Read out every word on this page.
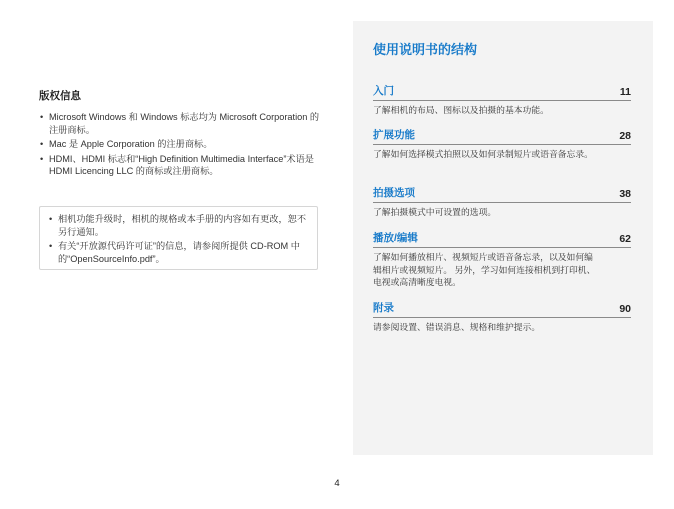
版权信息
• Microsoft Windows 和 Windows 标志均为 Microsoft Corporation 的注册商标。
• Mac 是 Apple Corporation 的注册商标。
• HDMI、HDMI 标志和“High Definition Multimedia Interface”术语是 HDMI Licencing LLC 的商标或注册商标。
• 相机功能升级时，相机的规格或本手册的内容如有更改，恕不另行通知。
• 有关“开放源代码许可证”的信息，请参阅所提供 CD-ROM 中的“OpenSourceInfo.pdf”。
使用说明书的结构
入门	11
了解相机的布局、图标以及拍摄的基本功能。
扩展功能	28
了解如何选择模式拍照以及如何录制短片或语音备忘录。
拍摄选项	38
了解拍摄模式中可设置的选项。
播放/编辑	62
了解如何播放相片、视频短片或语音备忘录，以及如何编辑相片或视频短片。 另外，学习如何连接相机到打印机、电视或高清晰度电视。
附录	90
请参阅设置、错误消息、规格和维护提示。
4
